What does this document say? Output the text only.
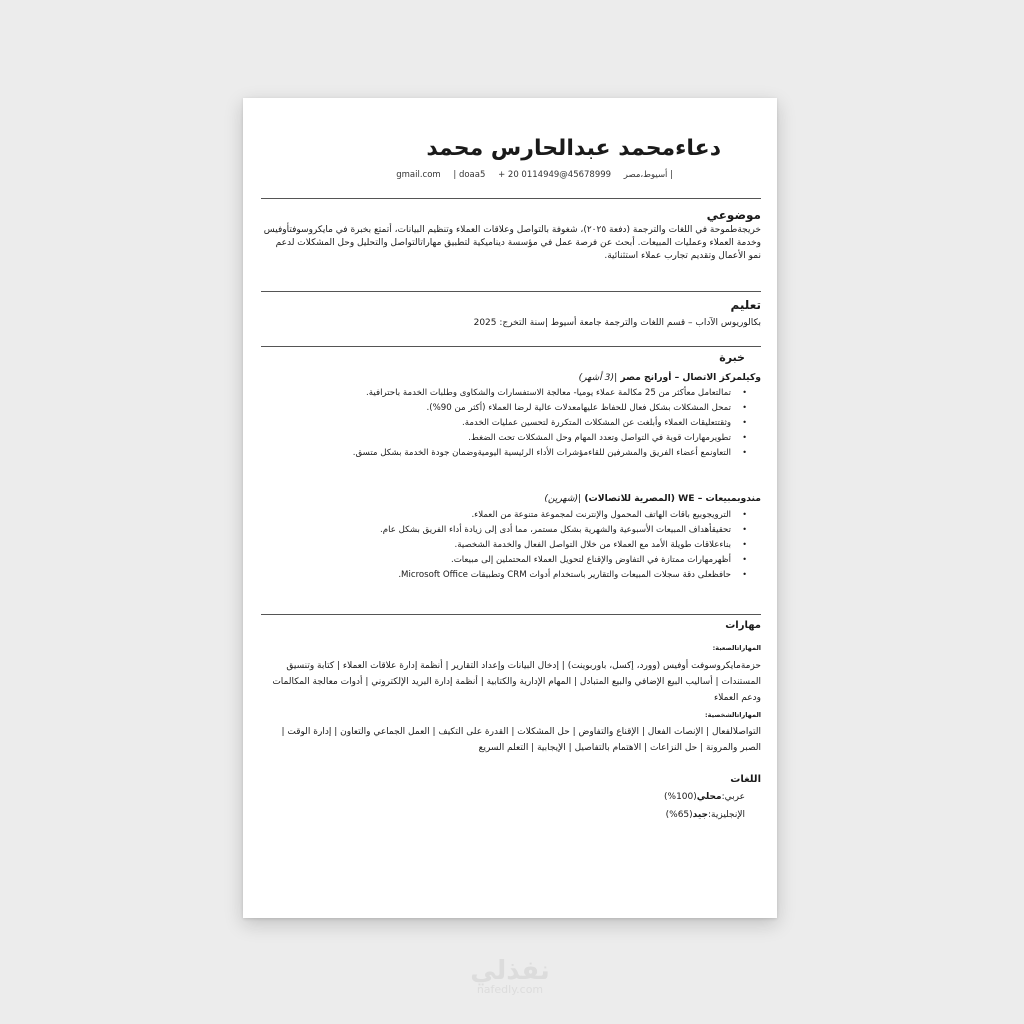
دعاءمحمد عبدالحارس محمد
| أسيوط،مصر 45678999@gmail.com | doaa5 + 20 0114949
موضوعي
خريجةطموحة في اللغات والترجمة (دفعة ٢٠٢٥)، شغوفة بالتواصل وعلاقات العملاء وتنظيم البيانات، أتمتع بخبرة في مايكروسوفتأوفيس وخدمة العملاء وعمليات المبيعات. أبحث عن فرصة عمل في مؤسسة ديناميكية لتطبيق مهاراتالتواصل والتحليل وحل المشكلات لدعم نمو الأعمال وتقديم تجارب عملاء استثنائية.
تعليم
بكالوريوس الآداب – قسم اللغات والترجمة جامعة أسيوط |سنة التخرج: 2025
خبرة
وكيلمركز الاتصال – أورانج مصر |(3 أشهر)
• تمالتعامل معأكثر من 25 مكالمة عملاء يوميا- معالجة الاستفسارات والشكاوى وطلبات الخدمة باحترافية.
• تمحل المشكلات بشكل فعال للحفاظ عليهامعدلات عالية لرضا العملاء (أكثر من 90%).
• وثقتتعليقات العملاء وأبلغت عن المشكلات المتكررة لتحسين عمليات الخدمة.
• تطويرمهارات قوية في التواصل وتعدد المهام وحل المشكلات تحت الضغط.
• التعاونمع أعضاء الفريق والمشرفين للقاءمؤشرات الأداء الرئيسية اليوميةوضمان جودة الخدمة بشكل متسق.
مندوبمبيعات – WE (المصرية للاتصالات) |(شهرين)
• الترويجوبيع باقات الهاتف المحمول والإنترنت لمجموعة متنوعة من العملاء.
• تحقيقأهداف المبيعات الأسبوعية والشهرية بشكل مستمر، مما أدى إلى زيادة أداء الفريق بشكل عام.
• بناءعلاقات طويلة الأمد مع العملاء من خلال التواصل الفعال والخدمة الشخصية.
• أظهرمهارات ممتازة في التفاوض والإقناع لتحويل العملاء المحتملين إلى مبيعات.
• حافظعلى دقة سجلات المبيعات والتقارير باستخدام أدوات CRM وتطبيقات Microsoft Office.
مهارات
المهاراتالصعبة:
حزمةمايكروسوفت أوفيس (وورد، إكسل، باوربوينت) | إدخال البيانات وإعداد التقارير | أنظمة إدارة علاقات العملاء | كتابة وتنسيق المستندات | أساليب البيع الإضافي والبيع المتبادل | المهام الإدارية والكتابية | أنظمة إدارة البريد الإلكتروني | أدوات معالجة المكالمات ودعم العملاء
المهاراتالشخصية:
التواصلالفعال | الإنصات الفعال | الإقناع والتفاوض | حل المشكلات | القدرة على التكيف | العمل الجماعي والتعاون | إدارة الوقت | الصبر والمرونة | حل النزاعات | الاهتمام بالتفاصيل | الإيجابية | التعلم السريع
اللغات
عربي:محلي(100%)
الإنجليزية:جيد(65%)
نفذلي
nafedly.com
